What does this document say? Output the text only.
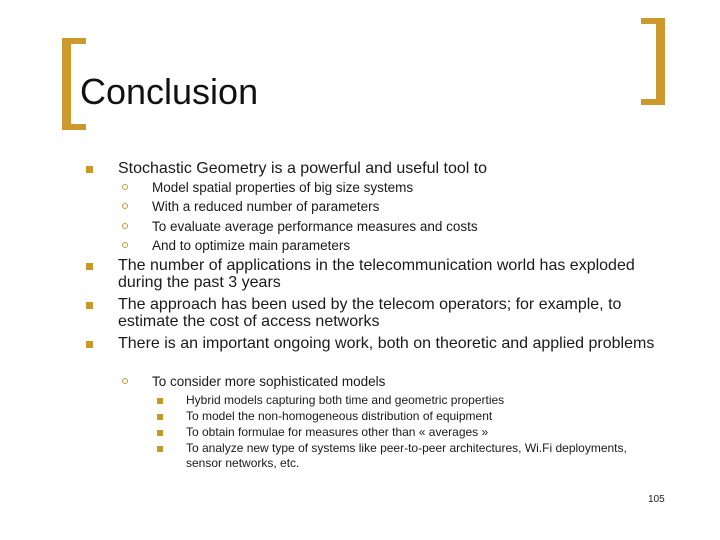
Conclusion

Stochastic Geometry is a powerful and useful tool to

Model spatial properties of big size systems

With a reduced number of parameters

To evaluate average performance measures and costs

And to optimize main parameters

The number of applications in the telecommunication world has exploded during the past 3 years

The approach has been used by the telecom operators; for example, to estimate the cost of access networks

There is an important ongoing work, both on theoretic and applied problems

To consider more sophisticated models

Hybrid models capturing both time and geometric properties

To model the non-homogeneous distribution of equipment

To obtain formulae for measures other than « averages »

To analyze new type of systems like peer-to-peer architectures, Wi.Fi deployments, sensor networks, etc.

105
